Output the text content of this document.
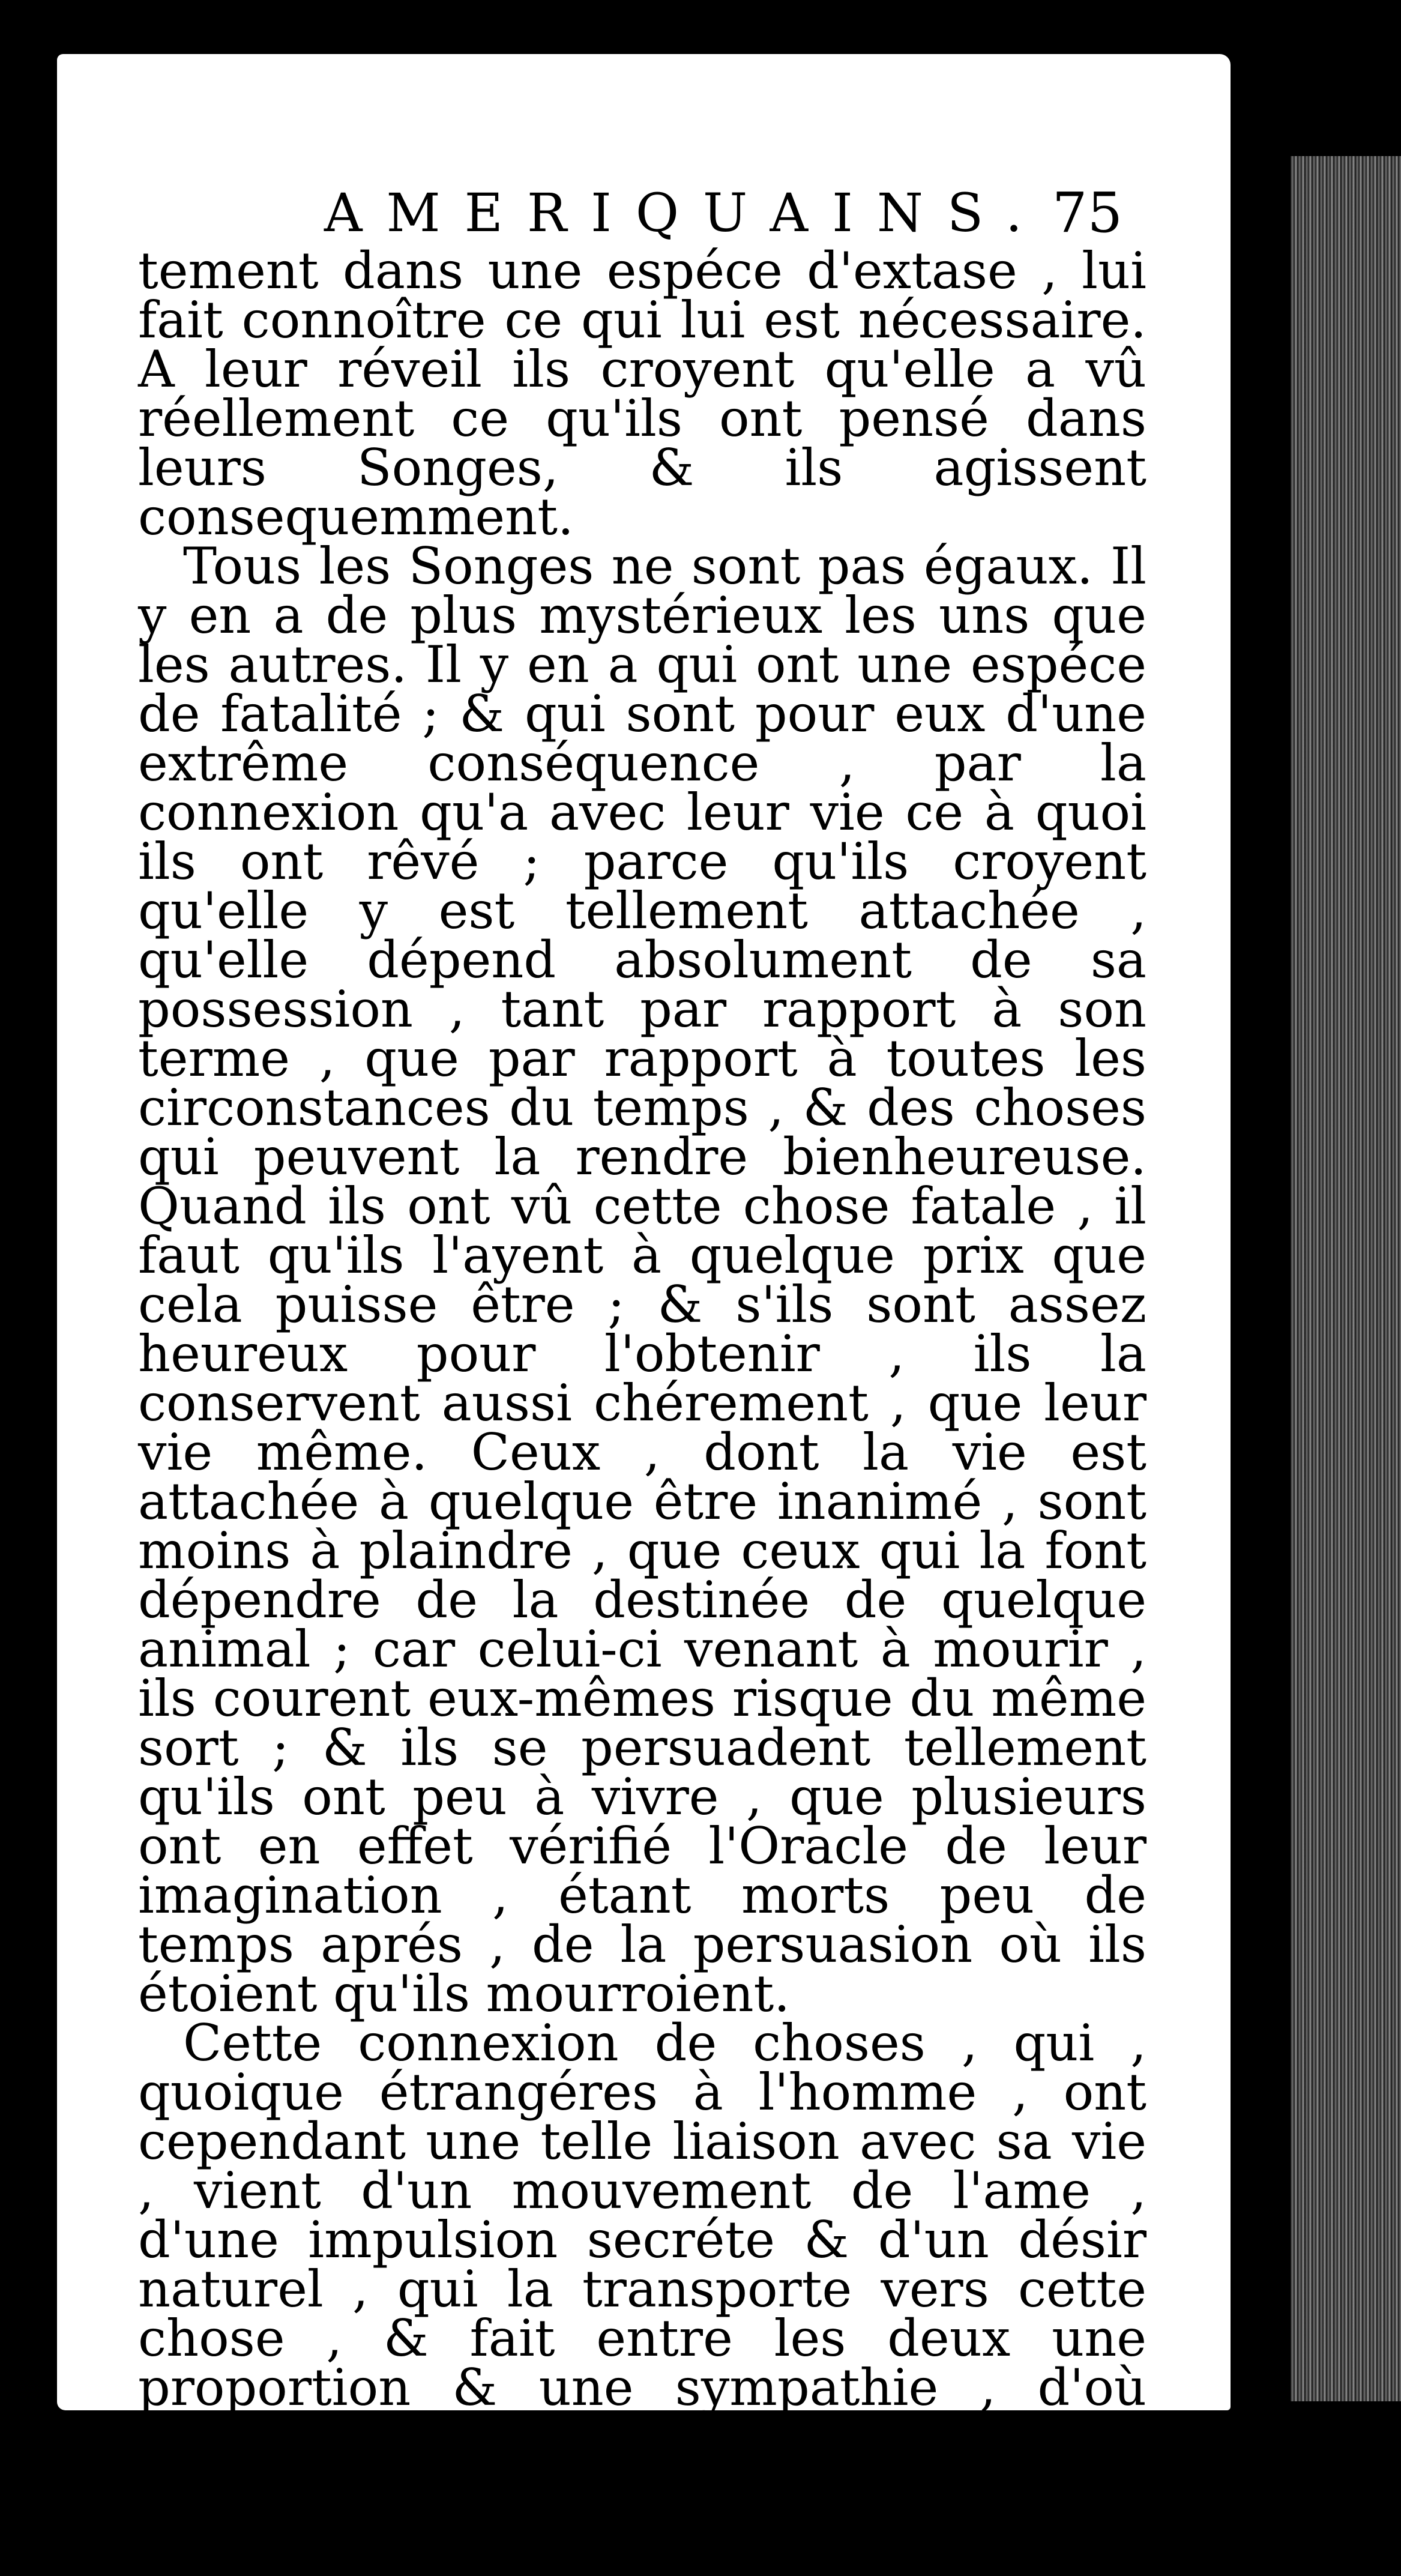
AMERIQUAINS. 75

tement dans une espéce d'extase , lui fait connoître ce qui lui est nécessaire. A leur réveil ils croyent qu'elle a vû réellement ce qu'ils ont pensé dans leurs Songes, & ils agissent consequemment.

Tous les Songes ne sont pas égaux. Il y en a de plus mystérieux les uns que les autres. Il y en a qui ont une espéce de fatalité ; & qui sont pour eux d'une extrême conséquence , par la connexion qu'a avec leur vie ce à quoi ils ont rêvé ; parce qu'ils croyent qu'elle y est tellement attachée , qu'elle dépend absolument de sa possession , tant par rapport à son terme , que par rapport à toutes les circonstances du temps , & des choses qui peuvent la rendre bienheureuse. Quand ils ont vû cette chose fatale , il faut qu'ils l'ayent à quelque prix que cela puisse être ; & s'ils sont assez heureux pour l'obtenir , ils la conservent aussi chérement , que leur vie même. Ceux , dont la vie est attachée à quelque être inanimé , sont moins à plaindre , que ceux qui la font dépendre de la destinée de quelque animal ; car celui-ci venant à mourir , ils courent eux-mêmes risque du même sort ; & ils se persuadent tellement qu'ils ont peu à vivre , que plusieurs ont en effet vérifié l'Oracle de leur imagination , étant morts peu de temps aprés , de la persuasion où ils étoient qu'ils mourroient.

Cette connexion de choses , qui , quoique étrangéres à l'homme , ont cependant une telle liaison avec sa vie , vient d'un mouvement de l'ame , d'une impulsion secréte & d'un désir naturel , qui la transporte vers cette chose , & fait entre les deux une proportion & une sympathie , d'où dépend , ou la tranquillité dans sa possession , ou une inquiétu-

D 2
